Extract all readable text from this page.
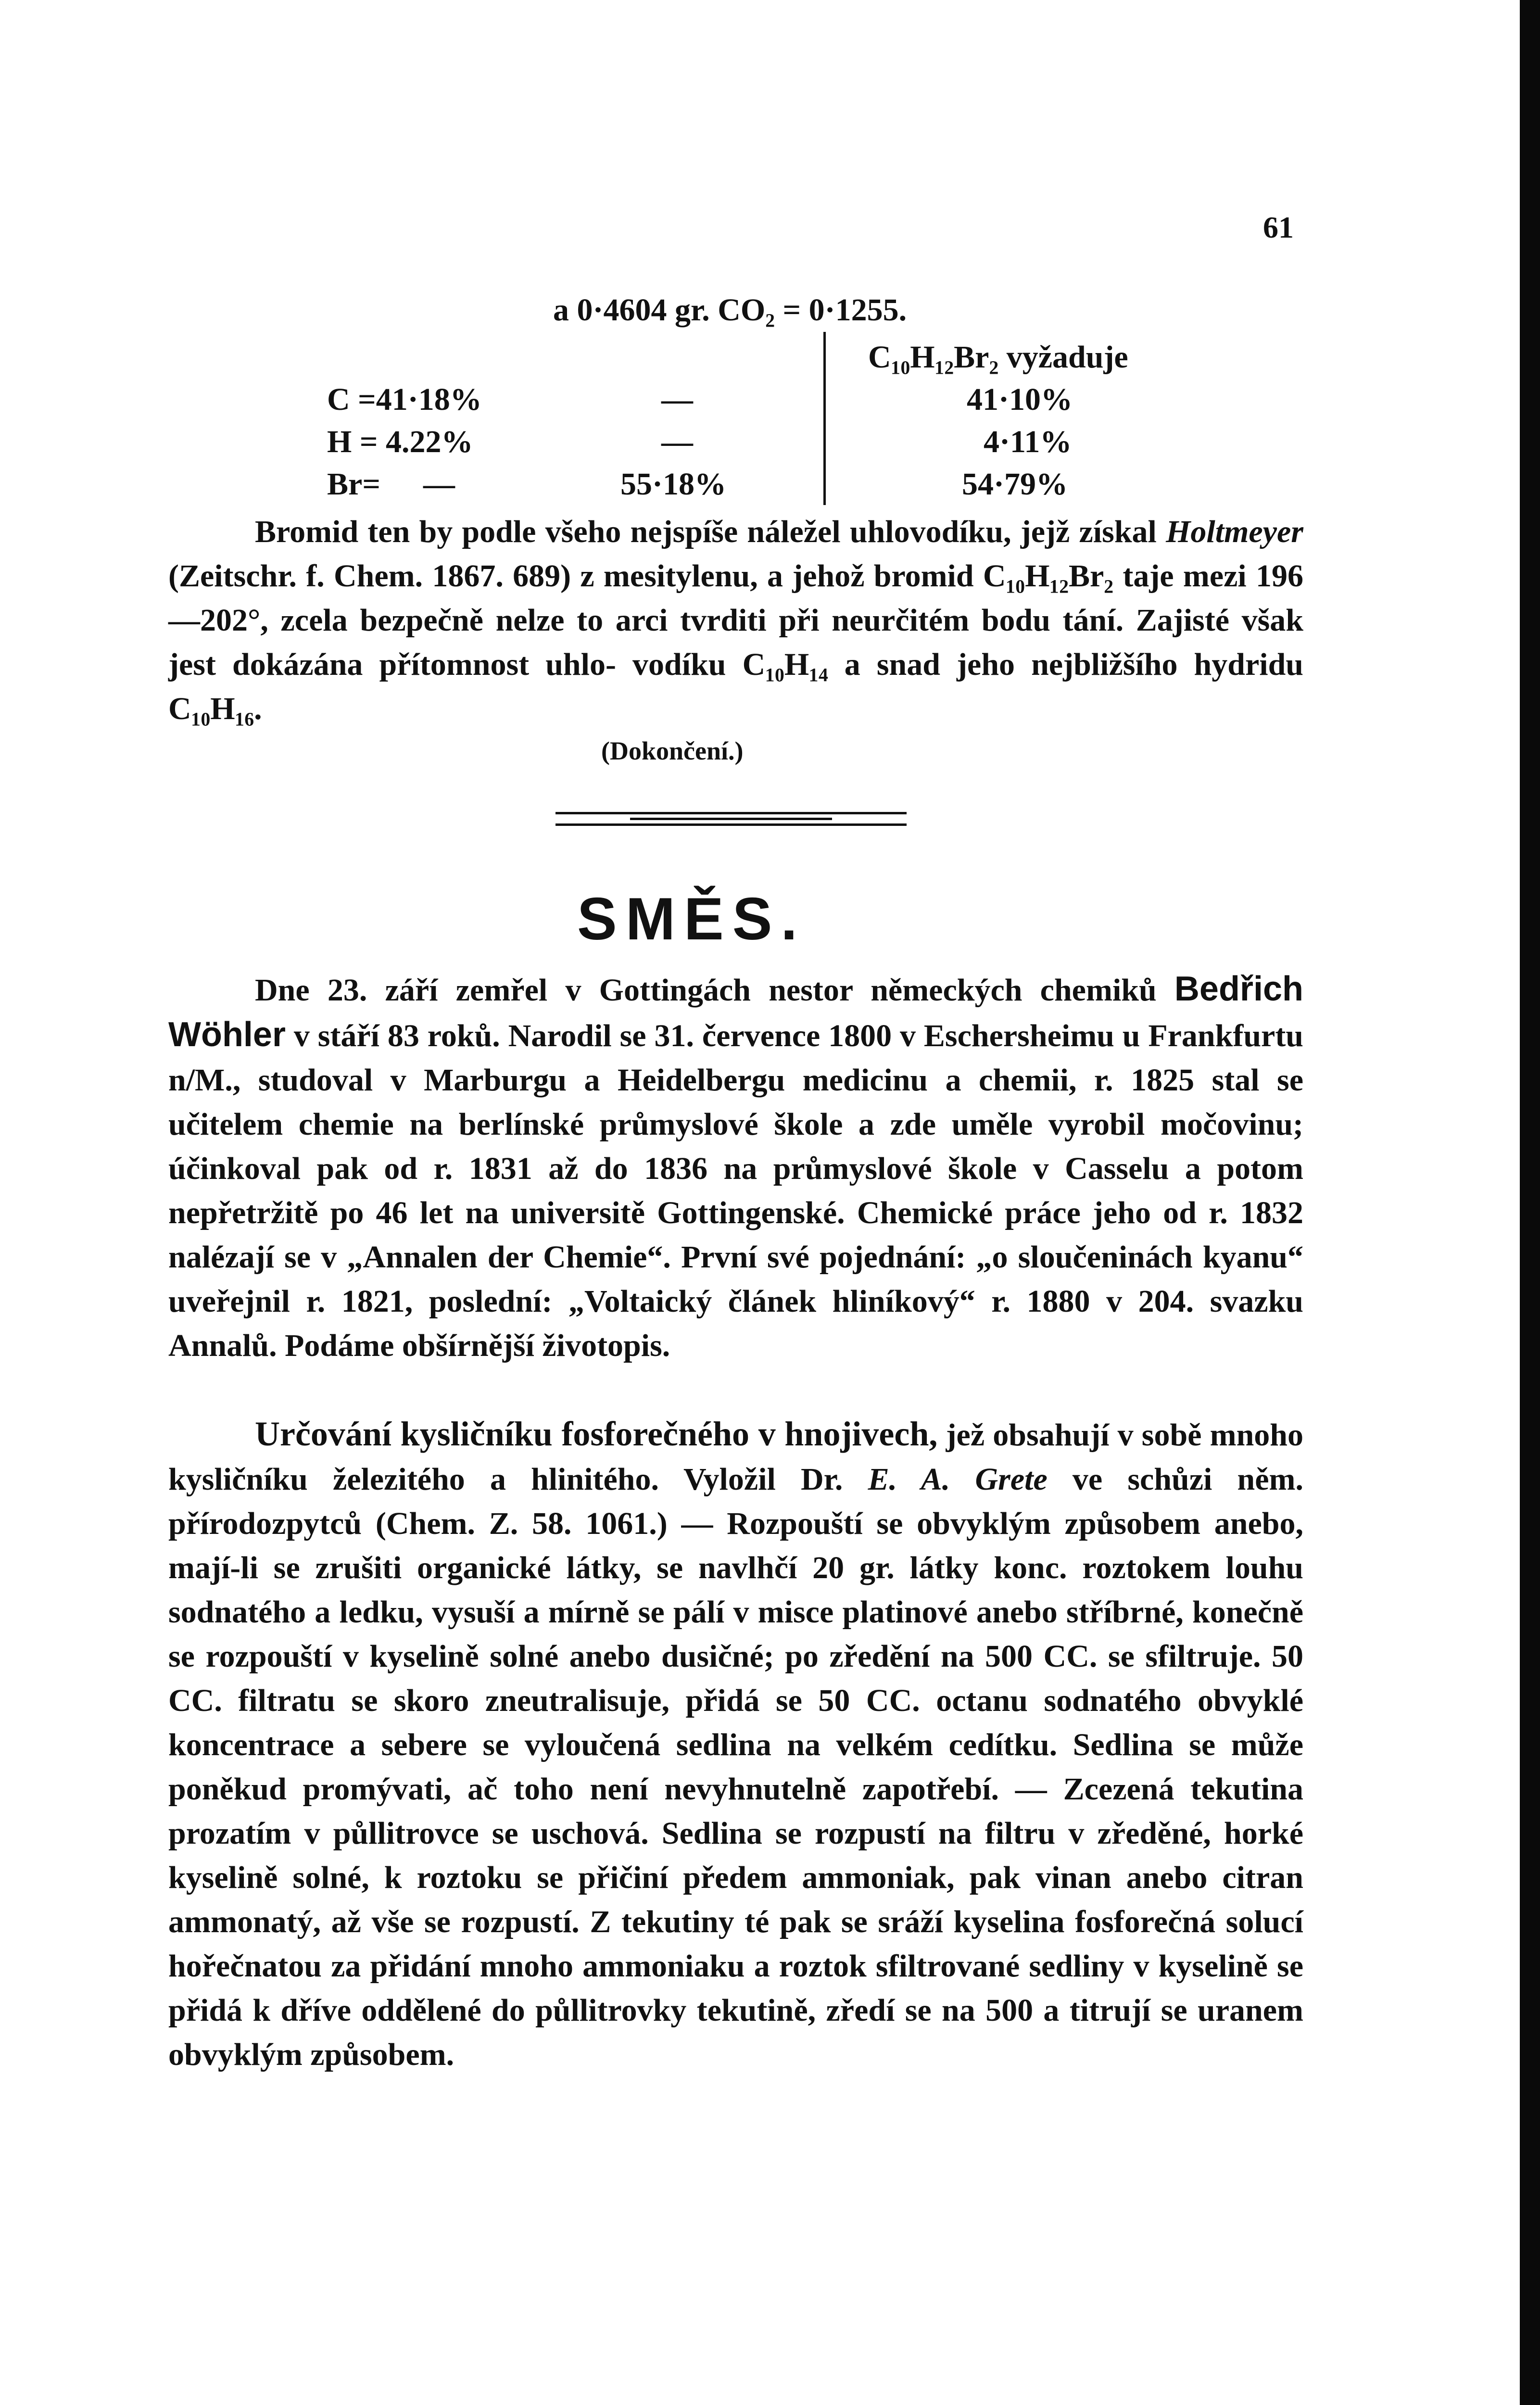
61
a 0·4604 gr. CO₂ = 0·1255.
C₁₀H₁₂Br₂ vyžaduje
C =41·18%	—	41·10%
H = 4.22%	—	4·11%
Br= —	55·18%	54·79%

Bromid ten by podle všeho nejspíše náležel uhlovodíku, jejž získal Holtmeyer (Zeitschr. f. Chem. 1867. 689) z mesitylenu, a jehož bromid C₁₀H₁₂Br₂ taje mezi 196—202°, zcela bezpečně nelze to arci tvrditi při neurčitém bodu tání. Zajisté však jest dokázána přítomnost uhlo- vodíku C₁₀H₁₄ a snad jeho nejbližšího hydridu C₁₀H₁₆.

(Dokončení.)
SMĚS.

Dne 23. září zemřel v Gottingách nestor německých chemiků Bedřich Wöhler v stáří 83 roků. Narodil se 31. července 1800 v Eschersheimu u Frankfurtu n/M., studoval v Marburgu a Heidelbergu medicinu a chemii, r. 1825 stal se učitelem chemie na berlínské průmyslové škole a zde uměle vyrobil močovinu; účinkoval pak od r. 1831 až do 1836 na průmyslové škole v Casselu a potom nepřetržitě po 46 let na universitě Gottingenské. Chemické práce jeho od r. 1832 nalézají se v „Annalen der Chemie“. První své pojednání: „o sloučeninách kyanu“ uveřejnil r. 1821, poslední: „Voltaický článek hliníkový“ r. 1880 v 204. svazku Annalů. Podáme obšírnější životopis.

Určování kysličníku fosforečného v hnojivech, jež obsahují v sobě mnoho kysličníku železitého a hlinitého. Vyložil Dr. E. A. Grete ve schůzi něm. přírodozpytců (Chem. Z. 58. 1061.) — Rozpouští se obvyklým způsobem anebo, mají-li se zrušiti organické látky, se navlhčí 20 gr. látky konc. roztokem louhu sodnatého a ledku, vysuší a mírně se pálí v misce platinové anebo stříbrné, konečně se rozpouští v kyselině solné anebo dusičné; po zředění na 500 CC. se sfiltruje. 50 CC. filtratu se skoro zneutralisuje, přidá se 50 CC. octanu sodnatého obvyklé koncentrace a sebere se vyloučená sedlina na velkém cedítku. Sedlina se může poněkud promývati, ač toho není nevyhnutelně zapotřebí. — Zcezená tekutina prozatím v půllitrovce se uschová. Sedlina se rozpustí na filtru v zředěné, horké kyselině solné, k roztoku se přičiní předem ammoniak, pak vinan anebo citran ammonatý, až vše se rozpustí. Z tekutiny té pak se sráží kyselina fosforečná solucí hořečnatou za přidání mnoho ammoniaku a roztok sfiltrované sedliny v kyselině se přidá k dříve oddělené do půllitrovky tekutině, zředí se na 500 a titrují se uranem obvyklým způsobem.
